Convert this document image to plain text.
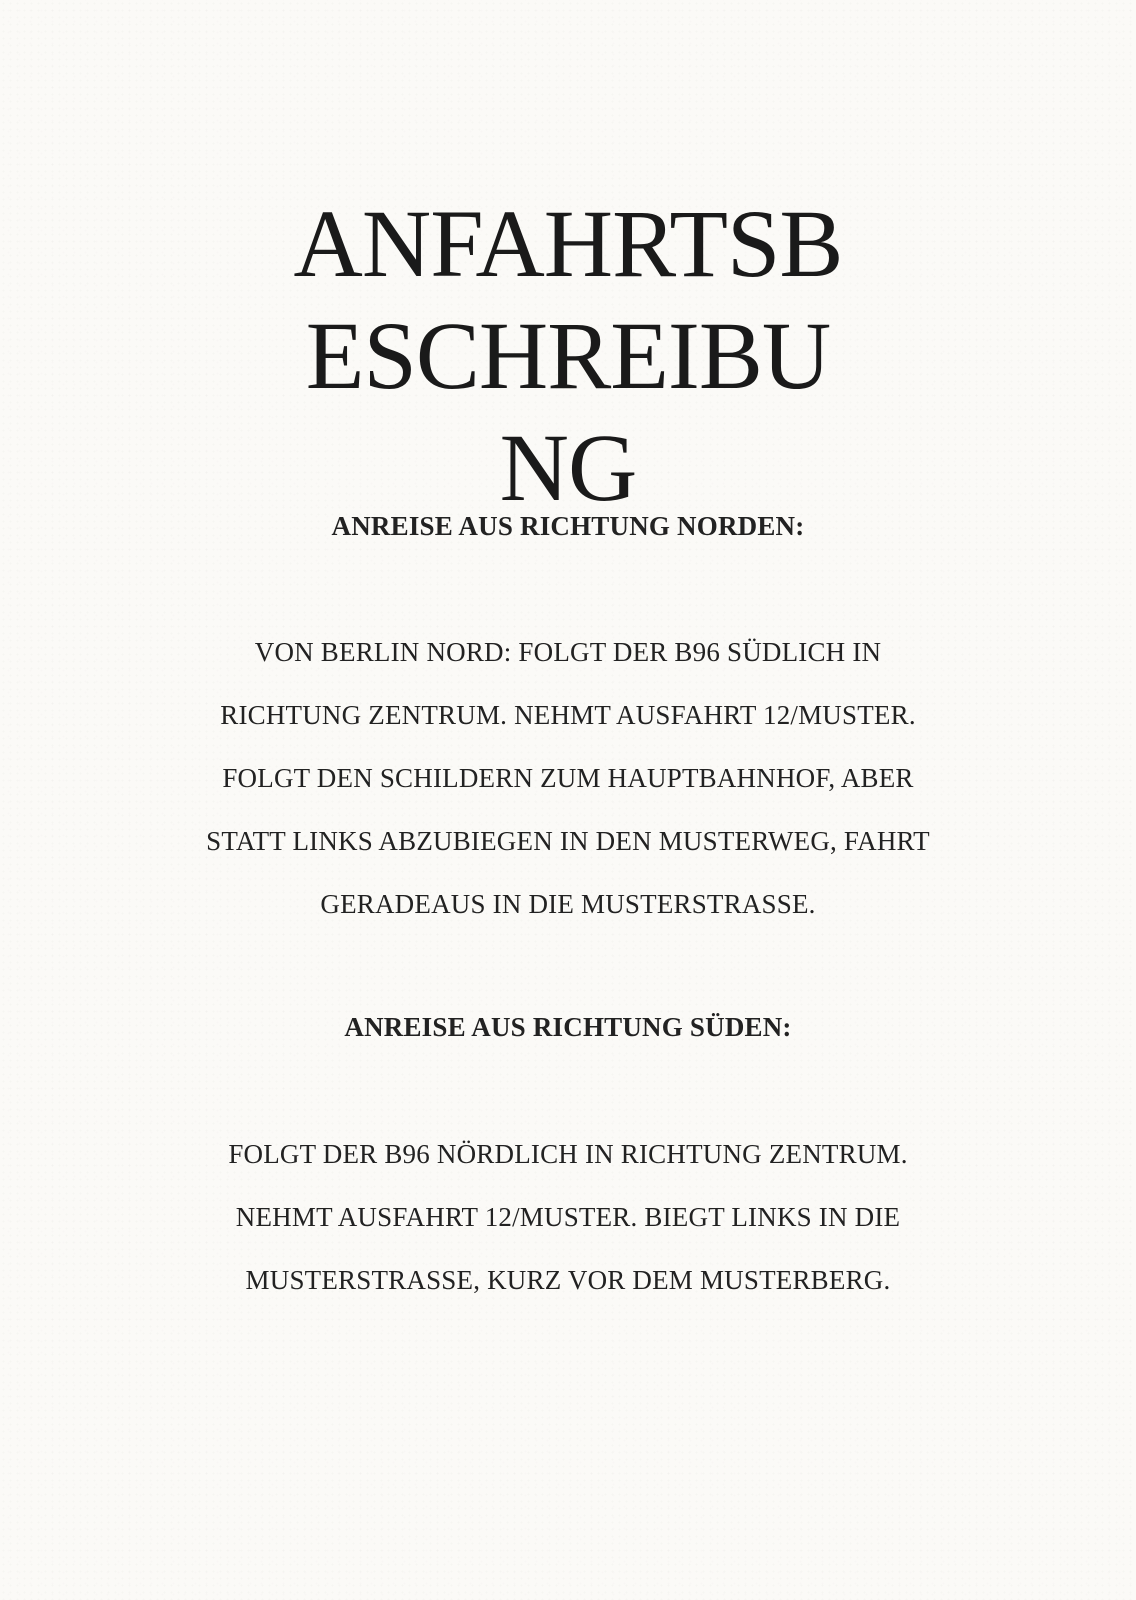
ANFAHRTSB
ESCHREIBU
NG
ANREISE AUS RICHTUNG NORDEN:

VON BERLIN NORD: FOLGT DER B96 SÜDLICH IN
RICHTUNG ZENTRUM. NEHMT AUSFAHRT 12/MUSTER.
FOLGT DEN SCHILDERN ZUM HAUPTBAHNHOF, ABER
STATT LINKS ABZUBIEGEN IN DEN MUSTERWEG, FAHRT
GERADEAUS IN DIE MUSTERSTRASSE.

ANREISE AUS RICHTUNG SÜDEN:

FOLGT DER B96 NÖRDLICH IN RICHTUNG ZENTRUM.
NEHMT AUSFAHRT 12/MUSTER. BIEGT LINKS IN DIE
MUSTERSTRASSE, KURZ VOR DEM MUSTERBERG.
